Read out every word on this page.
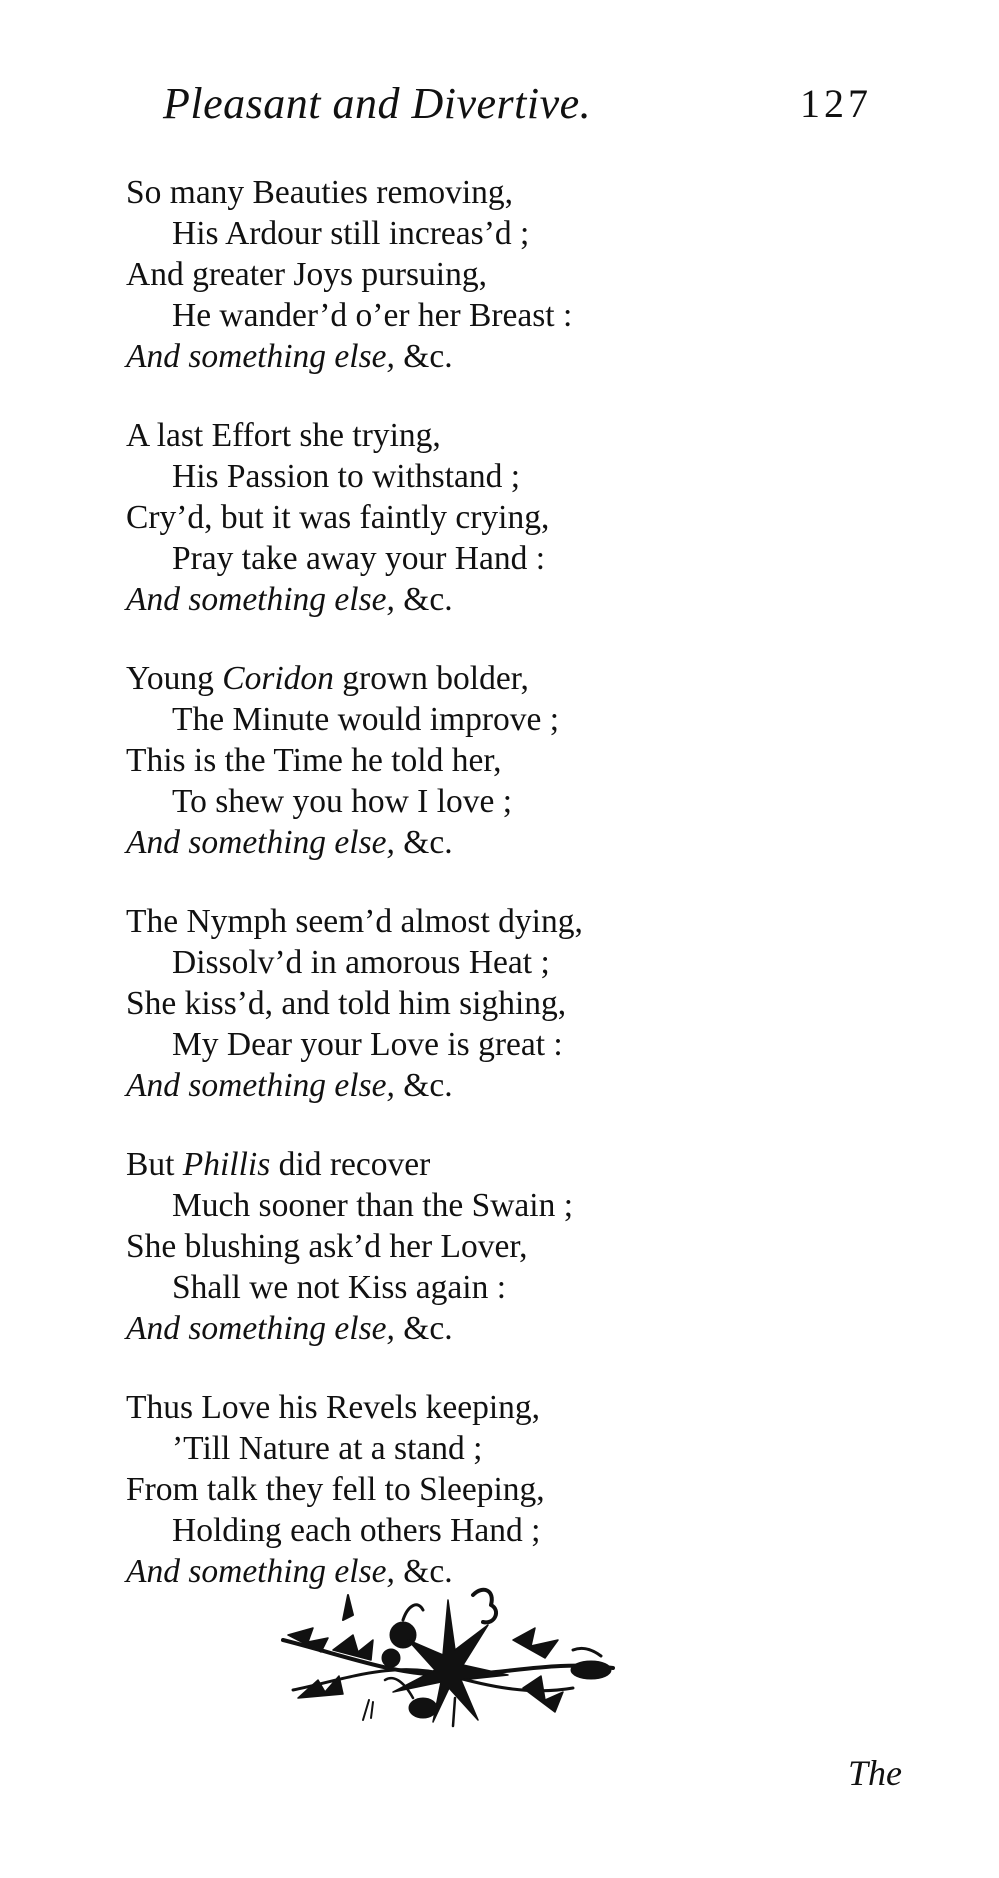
Pleasant and Divertive.	127
So many Beauties removing,
His Ardour still increas’d ;
And greater Joys pursuing,
He wander’d o’er her Breast :
And something else, &c.
A last Effort she trying,
His Passion to withstand ;
Cry’d, but it was faintly crying,
Pray take away your Hand :
And something else, &c.
Young Coridon grown bolder,
The Minute would improve ;
This is the Time he told her,
To shew you how I love ;
And something else, &c.
The Nymph seem’d almost dying,
Dissolv’d in amorous Heat ;
She kiss’d, and told him sighing,
My Dear your Love is great :
And something else, &c.
But Phillis did recover
Much sooner than the Swain ;
She blushing ask’d her Lover,
Shall we not Kiss again :
And something else, &c.
Thus Love his Revels keeping,
’Till Nature at a stand ;
From talk they fell to Sleeping,
Holding each others Hand ;
And something else, &c.
The
